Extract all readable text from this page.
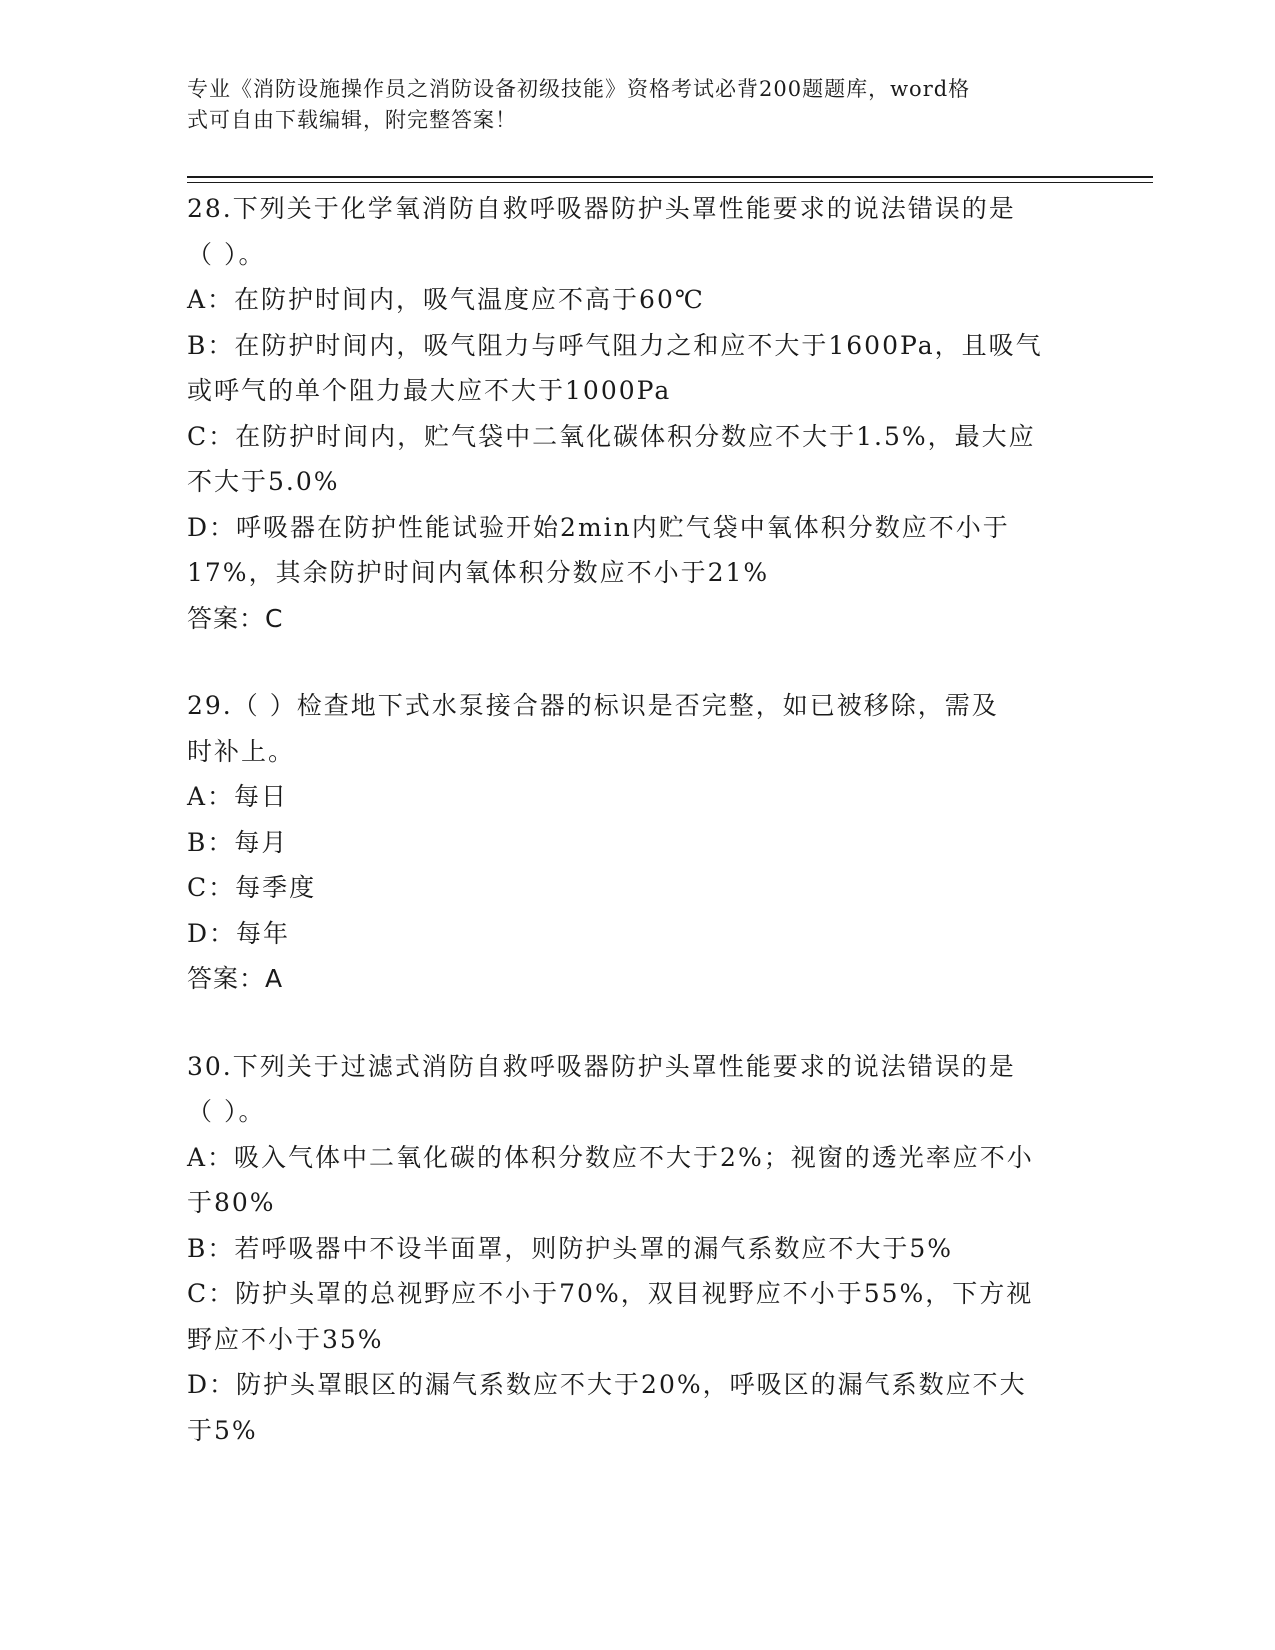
专业《消防设施操作员之消防设备初级技能》资格考试必背200题题库，word格
式可自由下载编辑，附完整答案！
28.下列关于化学氧消防自救呼吸器防护头罩性能要求的说法错误的是
（ ）。
A：在防护时间内，吸气温度应不高于60℃
B：在防护时间内，吸气阻力与呼气阻力之和应不大于1600Pa，且吸气
或呼气的单个阻力最大应不大于1000Pa
C：在防护时间内，贮气袋中二氧化碳体积分数应不大于1.5%，最大应
不大于5.0%
D：呼吸器在防护性能试验开始2min内贮气袋中氧体积分数应不小于
17%，其余防护时间内氧体积分数应不小于21%
答案：C
29.（ ）检查地下式水泵接合器的标识是否完整，如已被移除，需及
时补上。
A：每日
B：每月
C：每季度
D：每年
答案：A
30.下列关于过滤式消防自救呼吸器防护头罩性能要求的说法错误的是
（ ）。
A：吸入气体中二氧化碳的体积分数应不大于2%；视窗的透光率应不小
于80%
B：若呼吸器中不设半面罩，则防护头罩的漏气系数应不大于5%
C：防护头罩的总视野应不小于70%，双目视野应不小于55%，下方视
野应不小于35%
D：防护头罩眼区的漏气系数应不大于20%，呼吸区的漏气系数应不大
于5%
